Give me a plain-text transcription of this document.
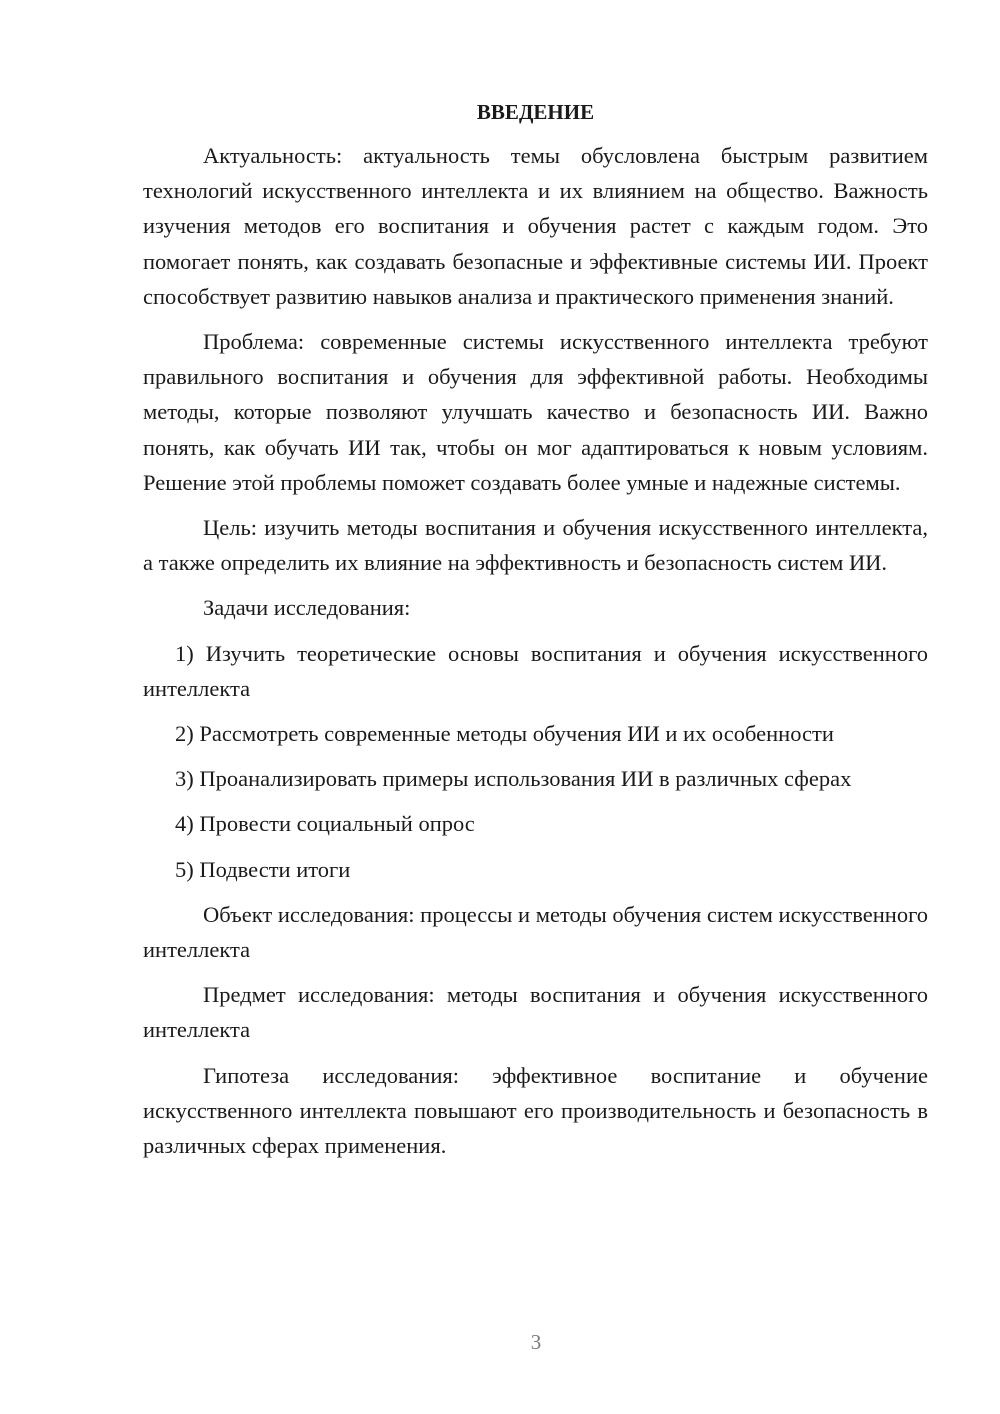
ВВЕДЕНИЕ

Актуальность: актуальность темы обусловлена быстрым развитием технологий искусственного интеллекта и их влиянием на общество. Важность изучения методов его воспитания и обучения растет с каждым годом. Это помогает понять, как создавать безопасные и эффективные системы ИИ. Проект способствует развитию навыков анализа и практического применения знаний.

Проблема: современные системы искусственного интеллекта требуют правильного воспитания и обучения для эффективной работы. Необходимы методы, которые позволяют улучшать качество и безопасность ИИ. Важно понять, как обучать ИИ так, чтобы он мог адаптироваться к новым условиям. Решение этой проблемы поможет создавать более умные и надежные системы.

Цель: изучить методы воспитания и обучения искусственного интеллекта, а также определить их влияние на эффективность и безопасность систем ИИ.

Задачи исследования:

1) Изучить теоретические основы воспитания и обучения искусственного интеллекта

2) Рассмотреть современные методы обучения ИИ и их особенности

3) Проанализировать примеры использования ИИ в различных сферах

4) Провести социальный опрос

5) Подвести итоги

Объект исследования: процессы и методы обучения систем искусственного интеллекта

Предмет исследования: методы воспитания и обучения искусственного интеллекта

Гипотеза исследования: эффективное воспитание и обучение искусственного интеллекта повышают его производительность и безопасность в различных сферах применения.

3
